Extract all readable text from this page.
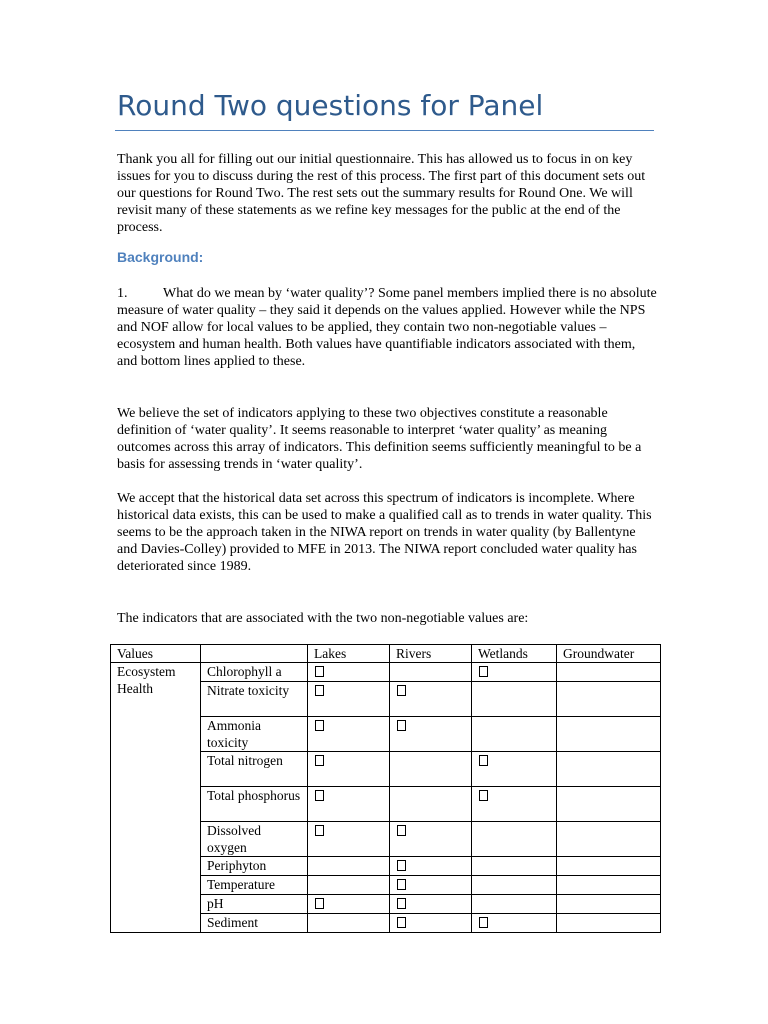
Round Two questions for Panel

Thank you all for filling out our initial questionnaire. This has allowed us to focus in on key issues for you to discuss during the rest of this process. The first part of this document sets out our questions for Round Two. The rest sets out the summary results for Round One. We will revisit many of these statements as we refine key messages for the public at the end of the process.

Background:

1.	What do we mean by ‘water quality’? Some panel members implied there is no absolute measure of water quality – they said it depends on the values applied. However while the NPS and NOF allow for local values to be applied, they contain two non-negotiable values – ecosystem and human health. Both values have quantifiable indicators associated with them, and bottom lines applied to these.

We believe the set of indicators applying to these two objectives constitute a reasonable definition of ‘water quality’. It seems reasonable to interpret ‘water quality’ as meaning outcomes across this array of indicators. This definition seems sufficiently meaningful to be a basis for assessing trends in ‘water quality’.

We accept that the historical data set across this spectrum of indicators is incomplete. Where historical data exists, this can be used to make a qualified call as to trends in water quality. This seems to be the approach taken in the NIWA report on trends in water quality (by Ballentyne and Davies-Colley) provided to MFE in 2013. The NIWA report concluded water quality has deteriorated since 1989.

The indicators that are associated with the two non-negotiable values are:

Values		Lakes	Rivers	Wetlands	Groundwater
Ecosystem Health	Chlorophyll a				
	Nitrate toxicity				
	Ammonia toxicity				
	Total nitrogen				
	Total phosphorus				
	Dissolved oxygen				
	Periphyton				
	Temperature				
	pH				
	Sediment				
